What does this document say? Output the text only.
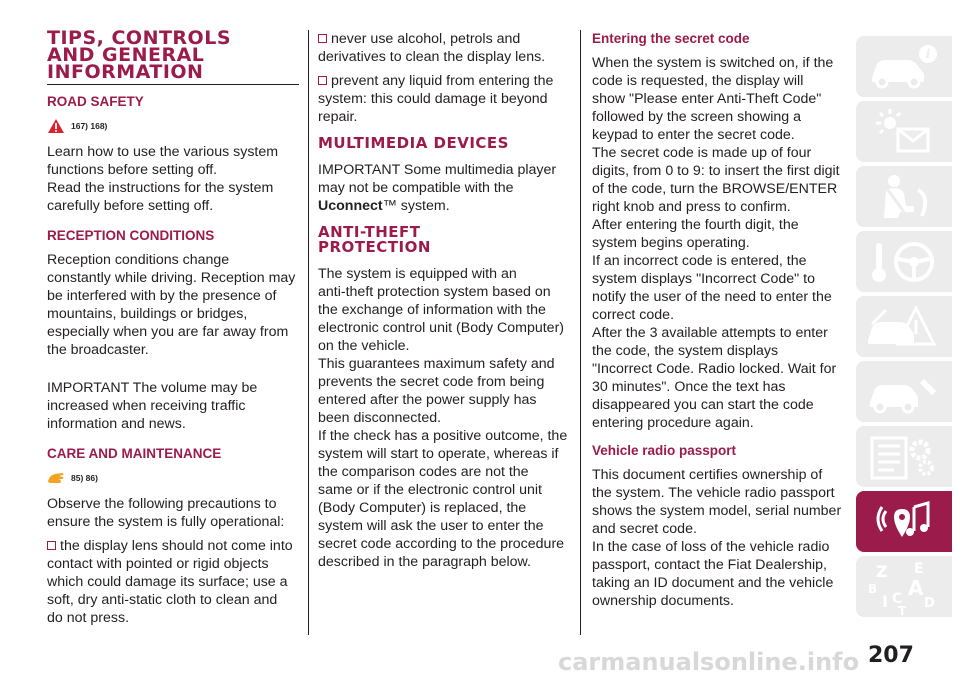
TIPS, CONTROLS
AND GENERAL
INFORMATION
ROAD SAFETY
167) 168)

Learn how to use the various system
functions before setting off.
Read the instructions for the system
carefully before setting off.

RECEPTION CONDITIONS

Reception conditions change
constantly while driving. Reception may
be interfered with by the presence of
mountains, buildings or bridges,
especially when you are far away from
the broadcaster.

IMPORTANT The volume may be
increased when receiving traffic
information and news.

CARE AND MAINTENANCE
85) 86)

Observe the following precautions to
ensure the system is fully operational:

the display lens should not come into
contact with pointed or rigid objects
which could damage its surface; use a
soft, dry anti-static cloth to clean and
do not press.

never use alcohol, petrols and
derivatives to clean the display lens.

prevent any liquid from entering the
system: this could damage it beyond
repair.

MULTIMEDIA DEVICES

IMPORTANT Some multimedia player
may not be compatible with the
Uconnect™ system.

ANTI-THEFT
PROTECTION

The system is equipped with an
anti-theft protection system based on
the exchange of information with the
electronic control unit (Body Computer)
on the vehicle.
This guarantees maximum safety and
prevents the secret code from being
entered after the power supply has
been disconnected.
If the check has a positive outcome, the
system will start to operate, whereas if
the comparison codes are not the
same or if the electronic control unit
(Body Computer) is replaced, the
system will ask the user to enter the
secret code according to the procedure
described in the paragraph below.

Entering the secret code

When the system is switched on, if the
code is requested, the display will
show "Please enter Anti-Theft Code"
followed by the screen showing a
keypad to enter the secret code.
The secret code is made up of four
digits, from 0 to 9: to insert the first digit
of the code, turn the BROWSE/ENTER
right knob and press to confirm.
After entering the fourth digit, the
system begins operating.
If an incorrect code is entered, the
system displays "Incorrect Code" to
notify the user of the need to enter the
correct code.
After the 3 available attempts to enter
the code, the system displays
"Incorrect Code. Radio locked. Wait for
30 minutes". Once the text has
disappeared you can start the code
entering procedure again.

Vehicle radio passport

This document certifies ownership of
the system. The vehicle radio passport
shows the system model, serial number
and secret code.
In the case of loss of the vehicle radio
passport, contact the Fiat Dealership,
taking an ID document and the vehicle
ownership documents.

i
Z E
B A
I C D
T
carmanualsonline.info 207
